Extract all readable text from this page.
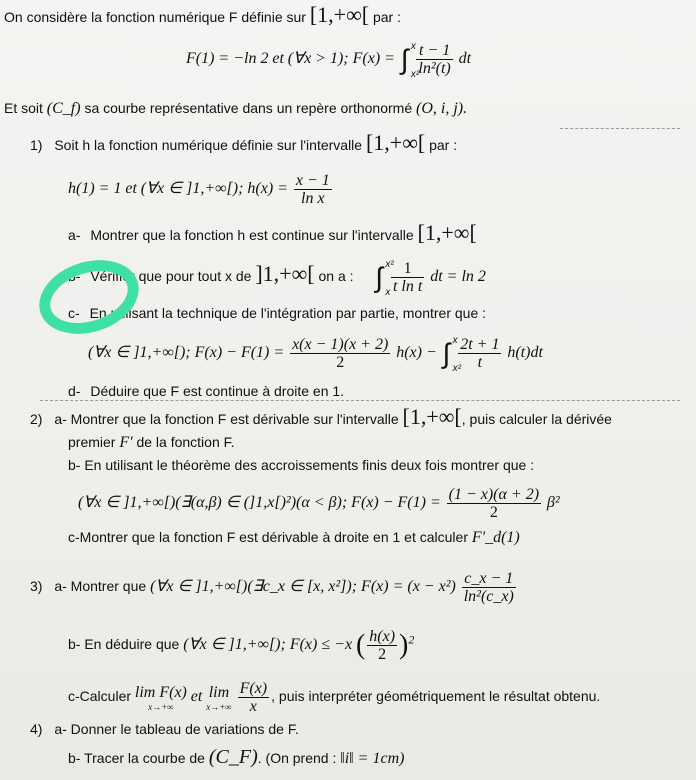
On considère la fonction numérique F définie sur [1,+∞[ par :
F(1) = −ln 2 et (∀x > 1); F(x) = ∫ x
x²

$\frac{t - 1}{\text{ln²(t)}}$ dt
Et soit (C_f) sa courbe représentative dans un repère orthonormé (O, i, j).
1) Soit h la fonction numérique définie sur l'intervalle [1,+∞[ par :
h(1) = 1 et (∀x ∈ ]1,+∞[); $h(x) = \frac{x - 1}{\text{ln x}}$
a- Montrer que la fonction h est continue sur l'intervalle [1,+∞[
b- Vérifier que pour tout x de ]1,+∞[ on a : ∫ x²
x
$\frac{1}{\text{t ln t}}$ dt = ln 2
c- En utilisant la technique de l'intégration par partie, montrer que :
(∀x ∈ ]1,+∞[); $F(x) - F(1) = \frac{x(x - 1)(x + 2)}{2} h(x)$ − ∫ x
x²

$\frac{2t + 1}{t} h(t)dt$
d- Déduire que F est continue à droite en 1.
2) a- Montrer que la fonction F est dérivable sur l'intervalle [1,+∞[, puis calculer la dérivée
premier F' de la fonction F.
b- En utilisant le théorème des accroissements finis deux fois montrer que :
(∀x ∈ ]1,+∞[)(∃(α,β) ∈ (]1,x[)²)(α < β); $F(x) - F(1) = \frac{(1 - x)(\alpha + 2)}{2} \beta^2$
c-Montrer que la fonction F est dérivable à droite en 1 et calculer F'_d(1)
3) a- Montrer que (∀x ∈ ]1,+∞[)(∃c_x ∈ [x, x²]); $F(x) = (x - x^2) \frac{c\_x - 1}{\text{ln²(c\_x)}}$
b- En déduire que (∀x ∈ ]1,+∞[); F(x) ≤ −x ( $\frac{h(x)}{2} )^2$
c-Calculer lim F(x)
x→+∞
et lim
x→+∞
$\frac{F(x)}{x}$ , puis interpréter géométriquement le résultat obtenu.
4) a- Donner le tableau de variations de F.
b- Tracer la courbe de (C_F). (On prend : ‖i‖ = 1cm)
